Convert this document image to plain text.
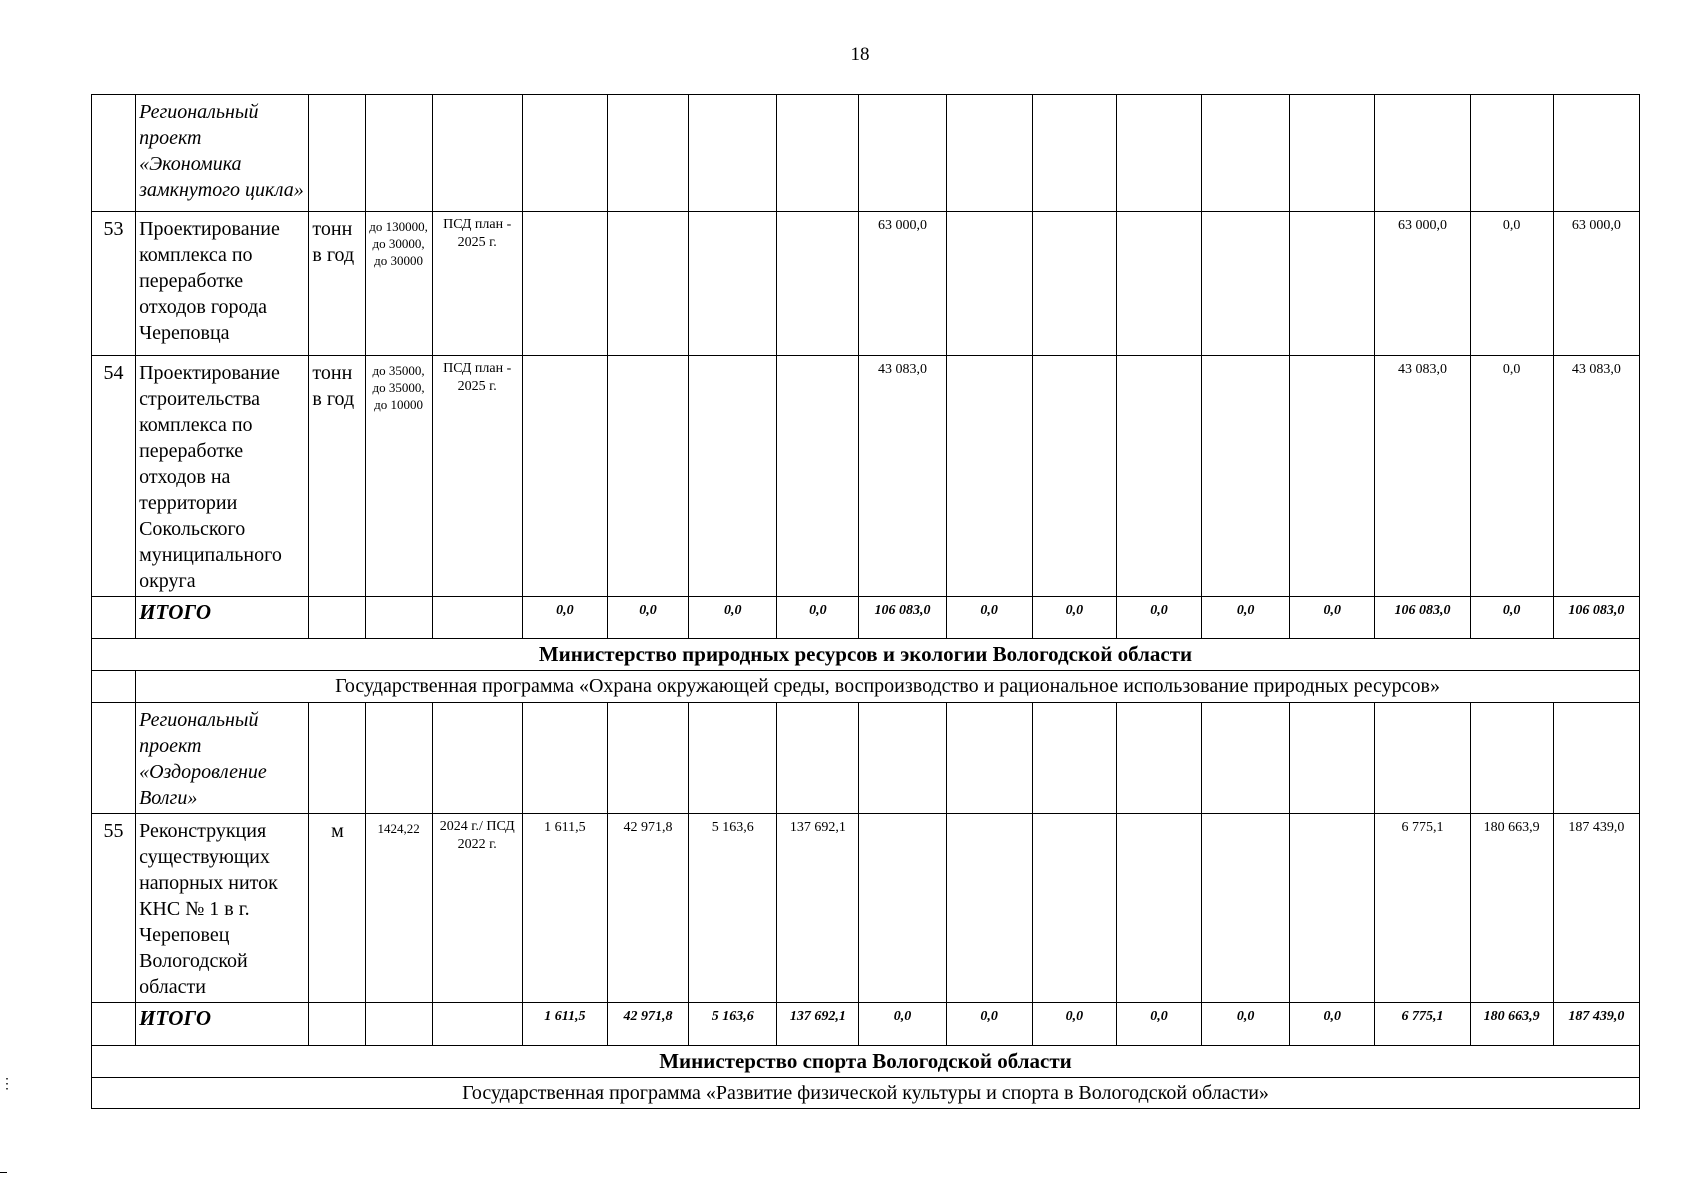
18
	Региональный проект «Экономика замкнутого цикла»																
53	Проектирование комплекса по переработке отходов города Череповца	тонн в год	до 130000, до 30000, до 30000	ПСД план - 2025 г.					63 000,0						63 000,0	0,0	63 000,0
54	Проектирование строительства комплекса по переработке отходов на территории Сокольского муниципального округа	тонн в год	до 35000, до 35000, до 10000	ПСД план - 2025 г.					43 083,0						43 083,0	0,0	43 083,0
	ИТОГО				0,0	0,0	0,0	0,0	106 083,0	0,0	0,0	0,0	0,0	0,0	106 083,0	0,0	106 083,0
Министерство природных ресурсов и экологии Вологодской области																	
	Государственная программа «Охрана окружающей среды, воспроизводство и рациональное использование природных ресурсов»																
	Региональный проект «Оздоровление Волги»																
55	Реконструкция существующих напорных ниток КНС № 1 в г. Череповец Вологодской области	м	1424,22	2024 г./ ПСД 2022 г.	1 611,5	42 971,8	5 163,6	137 692,1							6 775,1	180 663,9	187 439,0
	ИТОГО				1 611,5	42 971,8	5 163,6	137 692,1	0,0	0,0	0,0	0,0	0,0	0,0	6 775,1	180 663,9	187 439,0
Министерство спорта Вологодской области																	
Государственная программа «Развитие физической культуры и спорта в Вологодской области»																	
⋮
